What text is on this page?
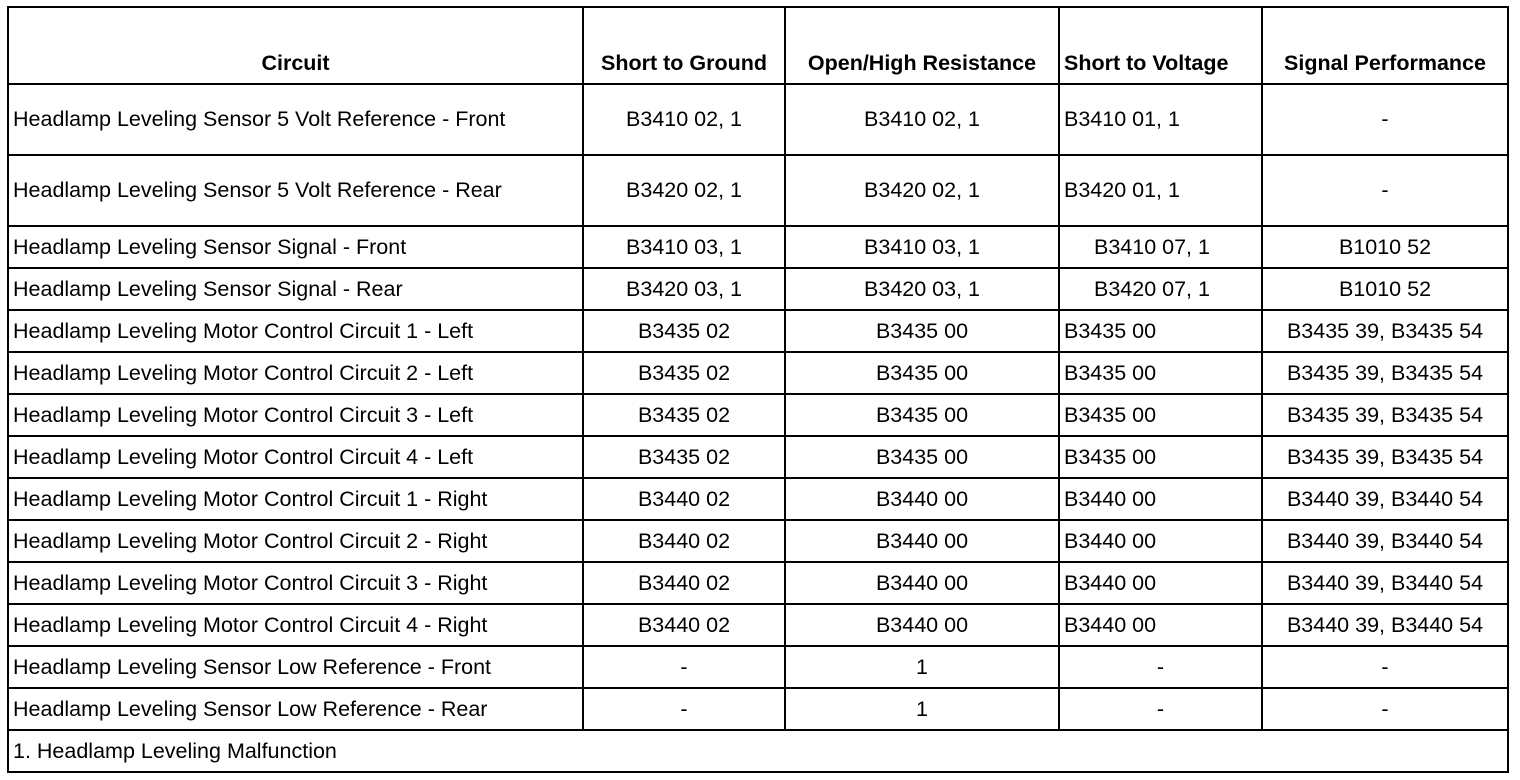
Circuit	Short to Ground	Open/High Resistance	Short to Voltage	Signal Performance
Headlamp Leveling Sensor 5 Volt Reference - Front	B3410 02, 1	B3410 02, 1	B3410 01, 1	-
Headlamp Leveling Sensor 5 Volt Reference - Rear	B3420 02, 1	B3420 02, 1	B3420 01, 1	-
Headlamp Leveling Sensor Signal - Front	B3410 03, 1	B3410 03, 1	B3410 07, 1	B1010 52
Headlamp Leveling Sensor Signal - Rear	B3420 03, 1	B3420 03, 1	B3420 07, 1	B1010 52
Headlamp Leveling Motor Control Circuit 1 - Left	B3435 02	B3435 00	B3435 00	B3435 39, B3435 54
Headlamp Leveling Motor Control Circuit 2 - Left	B3435 02	B3435 00	B3435 00	B3435 39, B3435 54
Headlamp Leveling Motor Control Circuit 3 - Left	B3435 02	B3435 00	B3435 00	B3435 39, B3435 54
Headlamp Leveling Motor Control Circuit 4 - Left	B3435 02	B3435 00	B3435 00	B3435 39, B3435 54
Headlamp Leveling Motor Control Circuit 1 - Right	B3440 02	B3440 00	B3440 00	B3440 39, B3440 54
Headlamp Leveling Motor Control Circuit 2 - Right	B3440 02	B3440 00	B3440 00	B3440 39, B3440 54
Headlamp Leveling Motor Control Circuit 3 - Right	B3440 02	B3440 00	B3440 00	B3440 39, B3440 54
Headlamp Leveling Motor Control Circuit 4 - Right	B3440 02	B3440 00	B3440 00	B3440 39, B3440 54
Headlamp Leveling Sensor Low Reference - Front	-	1	-	-
Headlamp Leveling Sensor Low Reference - Rear	-	1	-	-
1. Headlamp Leveling Malfunction				
